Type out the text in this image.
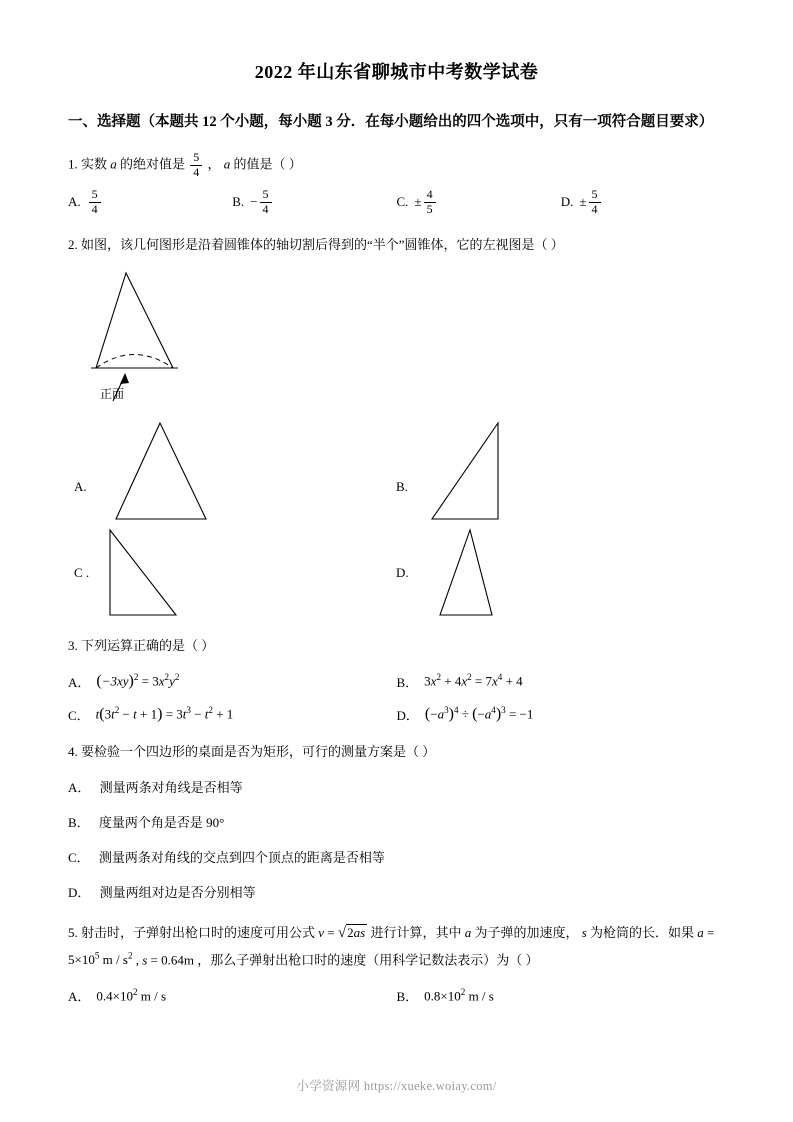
2022 年山东省聊城市中考数学试卷
一、选择题（本题共 12 个小题，每小题 3 分．在每小题给出的四个选项中，只有一项符合题目要求）
1. 实数 a 的绝对值是 $\frac{5}{4}$ ， a 的值是（ ）
A. $\frac{5}{4}$	B. − $\frac{5}{4}$	C. ± $\frac{4}{5}$	D. ± $\frac{5}{4}$
2. 如图，该几何图形是沿着圆锥体的轴切割后得到的“半个”圆锥体，它的左视图是（ ）
正面
A.	B.
C .	D.
3. 下列运算正确的是（ ）
A． $(-3xy)^2 = 3x^2y^2$	B． $3x^2 + 4x^2 = 7x^4 + 4$
C． $t(3t^2 - t + 1) = 3t^3 - t^2 + 1$	D． $(-a^3)^4 \div (-a^4)^3 = -1$
4. 要检验一个四边形的桌面是否为矩形，可行的测量方案是（ ）
A． 测量两条对角线是否相等
B． 度量两个角是否是 90°
C． 测量两条对角线的交点到四个顶点的距离是否相等
D． 测量两组对边是否分别相等
5. 射击时，子弹射出枪口时的速度可用公式 v = √2as 进行计算，其中 a 为子弹的加速度， s 为枪筒的长．如果 $a = 5\times 10^5$ m / $s^2$ , s = 0.64m ，那么子弹射出枪口时的速度（用科学记数法表示）为（ ）
A． $0.4\times 10^2$ m / s	B． $0.8\times 10^2$ m / s
小学资源网 https://xueke.woiay.com/
